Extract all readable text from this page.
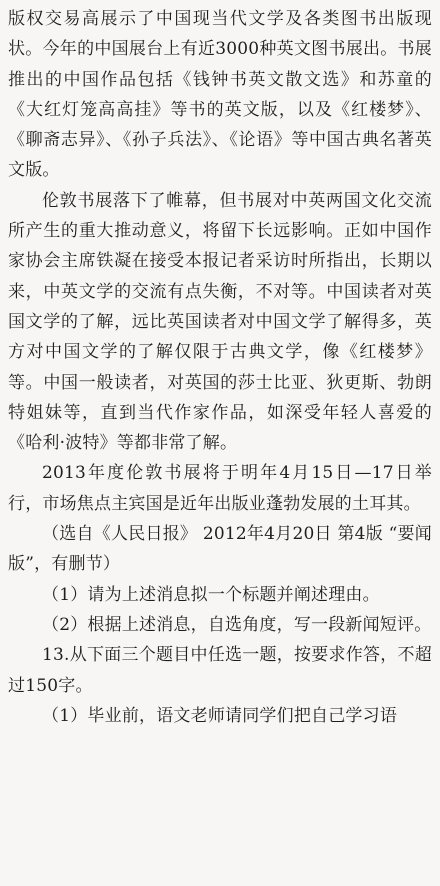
版权交易高展示了中国现当代文学及各类图书出版现状。今年的中国展台上有近3000种英文图书展出。书展推出的中国作品包括《钱钟书英文散文选》和苏童的《大红灯笼高高挂》等书的英文版，以及《红楼梦》、《聊斋志异》、《孙子兵法》、《论语》等中国古典名著英文版。

伦敦书展落下了帷幕，但书展对中英两国文化交流所产生的重大推动意义，将留下长远影响。正如中国作家协会主席铁凝在接受本报记者采访时所指出，长期以来，中英文学的交流有点失衡，不对等。中国读者对英国文学的了解，远比英国读者对中国文学了解得多，英方对中国文学的了解仅限于古典文学，像《红楼梦》等。中国一般读者，对英国的莎士比亚、狄更斯、勃朗特姐妹等，直到当代作家作品，如深受年轻人喜爱的《哈利·波特》等都非常了解。

2013年度伦敦书展将于明年4月15日—17日举行，市场焦点主宾国是近年出版业蓬勃发展的土耳其。

（选自《人民日报》 2012年4月20日 第4版 “要闻版”，有删节）

（1）请为上述消息拟一个标题并阐述理由。

（2）根据上述消息，自选角度，写一段新闻短评。

13.从下面三个题目中任选一题，按要求作答，不超过150字。

（1）毕业前，语文老师请同学们把自己学习语
